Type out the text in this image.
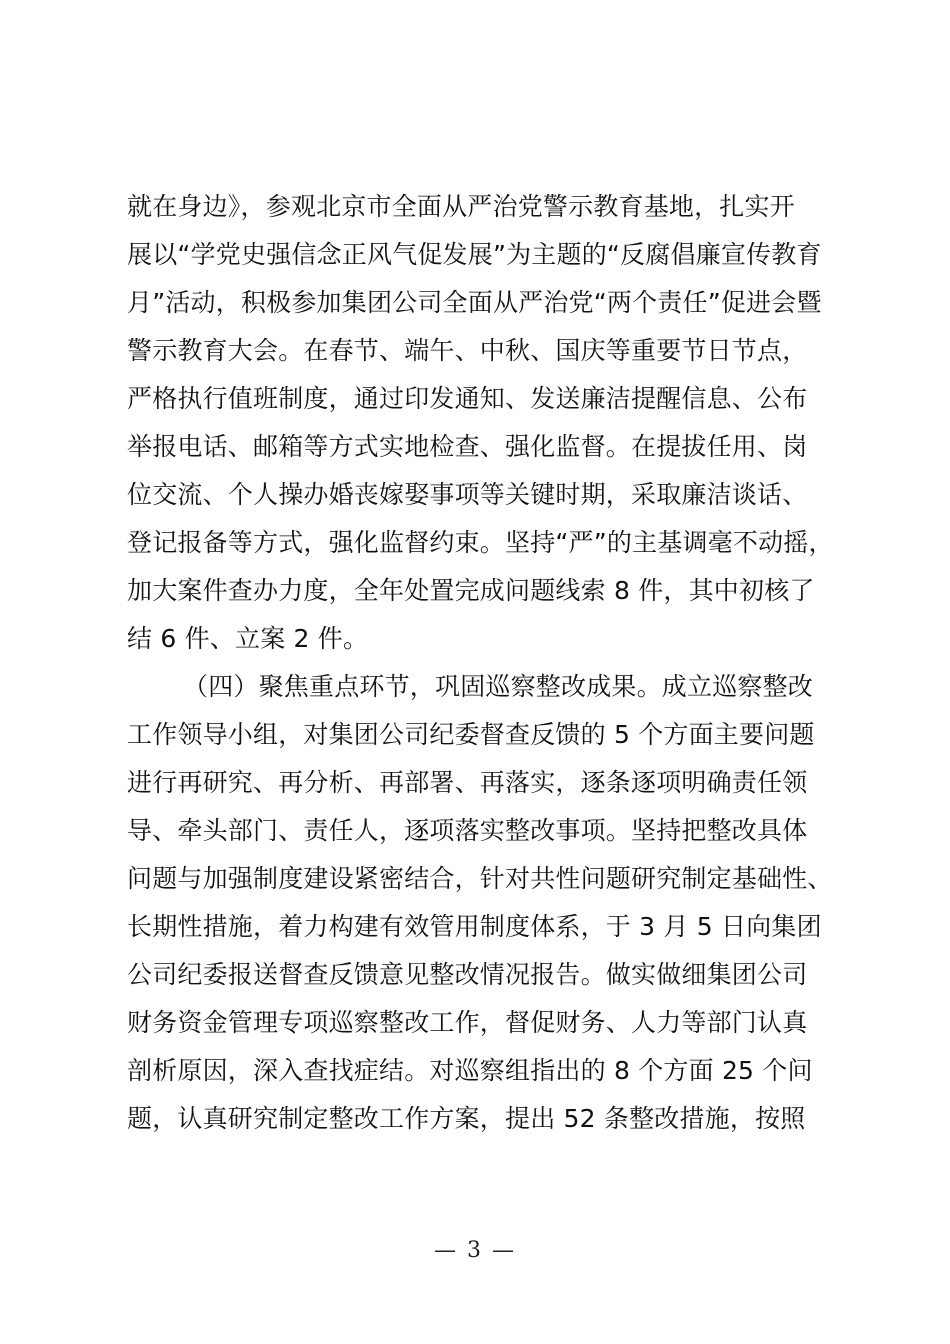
就在身边》，参观北京市全面从严治党警示教育基地，扎实开
展以“学党史强信念正风气促发展”为主题的“反腐倡廉宣传教育
月”活动，积极参加集团公司全面从严治党“两个责任”促进会暨
警示教育大会。在春节、端午、中秋、国庆等重要节日节点，
严格执行值班制度，通过印发通知、发送廉洁提醒信息、公布
举报电话、邮箱等方式实地检查、强化监督。在提拔任用、岗
位交流、个人操办婚丧嫁娶事项等关键时期，采取廉洁谈话、
登记报备等方式，强化监督约束。坚持“严”的主基调毫不动摇，
加大案件查办力度，全年处置完成问题线索 8 件，其中初核了
结 6 件、立案 2 件。
（四）聚焦重点环节，巩固巡察整改成果。成立巡察整改
工作领导小组，对集团公司纪委督查反馈的 5 个方面主要问题
进行再研究、再分析、再部署、再落实，逐条逐项明确责任领
导、牵头部门、责任人，逐项落实整改事项。坚持把整改具体
问题与加强制度建设紧密结合，针对共性问题研究制定基础性、
长期性措施，着力构建有效管用制度体系，于 3 月 5 日向集团
公司纪委报送督查反馈意见整改情况报告。做实做细集团公司
财务资金管理专项巡察整改工作，督促财务、人力等部门认真
剖析原因，深入查找症结。对巡察组指出的 8 个方面 25 个问
题，认真研究制定整改工作方案，提出 52 条整改措施，按照
— 3 —
